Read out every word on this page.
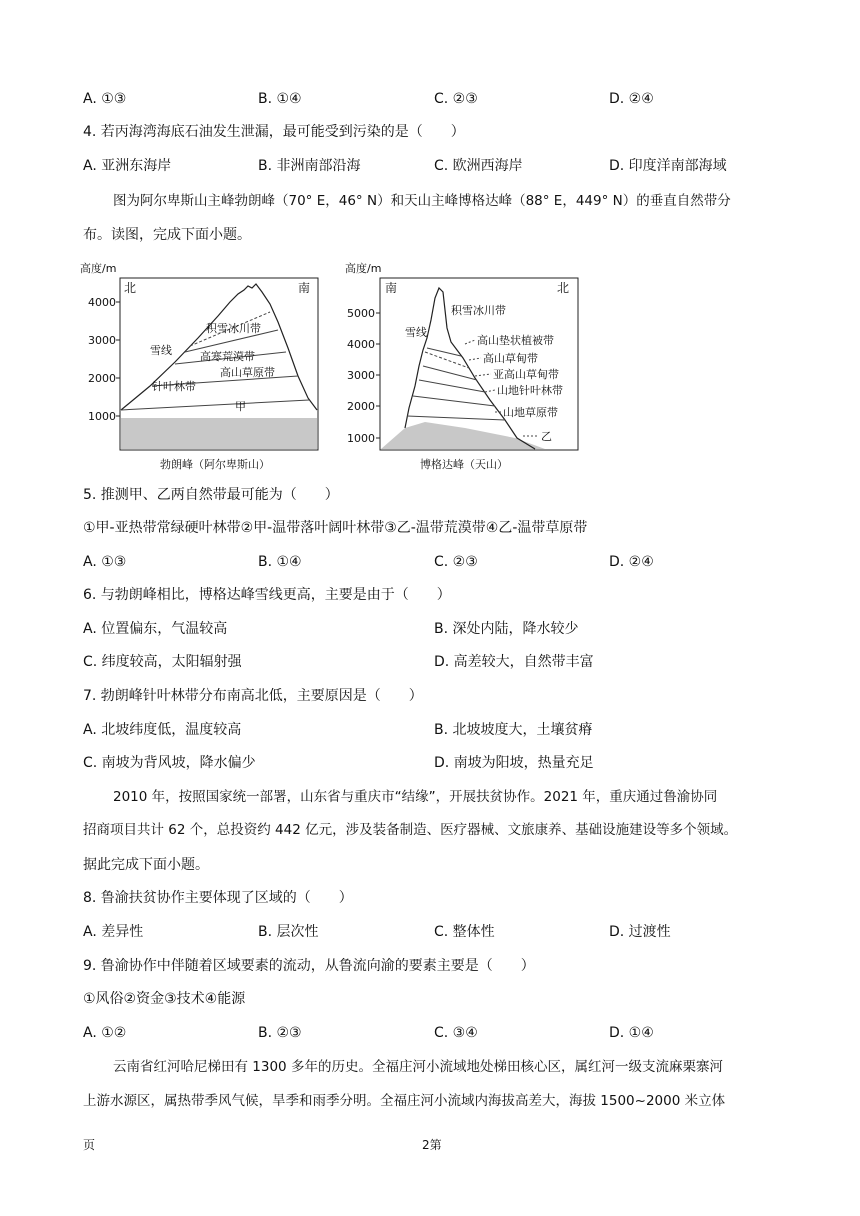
A. ①③	B. ①④	C. ②③	D. ②④
4. 若丙海湾海底石油发生泄漏，最可能受到污染的是（　　）
A. 亚洲东海岸	B. 非洲南部沿海	C. 欧洲西海岸	D. 印度洋南部海域
图为阿尔卑斯山主峰勃朗峰（70° E，46° N）和天山主峰博格达峰（88° E，449° N）的垂直自然带分
布。读图，完成下面小题。
高度/m
北	南
4000
3000
2000
1000
积雪冰川带
雪线	高寒荒漠带
高山草原带
针叶林带
甲
勃朗峰（阿尔卑斯山）
高度/m
南	北
5000
4000
3000
2000
1000
积雪冰川带
雪线
高山垫状植被带
高山草甸带
亚高山草甸带
山地针叶林带
山地草原带
乙
博格达峰（天山）
5. 推测甲、乙两自然带最可能为（　　）
①甲-亚热带常绿硬叶林带②甲-温带落叶阔叶林带③乙-温带荒漠带④乙-温带草原带
A. ①③	B. ①④	C. ②③	D. ②④
6. 与勃朗峰相比，博格达峰雪线更高，主要是由于（　　）
A. 位置偏东，气温较高	B. 深处内陆，降水较少
C. 纬度较高，太阳辐射强	D. 高差较大，自然带丰富
7. 勃朗峰针叶林带分布南高北低，主要原因是（　　）
A. 北坡纬度低，温度较高	B. 北坡坡度大，土壤贫瘠
C. 南坡为背风坡，降水偏少	D. 南坡为阳坡，热量充足
2010 年，按照国家统一部署，山东省与重庆市“结缘”，开展扶贫协作。2021 年，重庆通过鲁渝协同
招商项目共计 62 个，总投资约 442 亿元，涉及装备制造、医疗器械、文旅康养、基础设施建设等多个领域。
据此完成下面小题。
8. 鲁渝扶贫协作主要体现了区域的（　　）
A. 差异性	B. 层次性	C. 整体性	D. 过渡性
9. 鲁渝协作中伴随着区域要素的流动，从鲁流向渝的要素主要是（　　）
①风俗②资金③技术④能源
A. ①②	B. ②③	C. ③④	D. ①④
云南省红河哈尼梯田有 1300 多年的历史。全福庄河小流域地处梯田核心区，属红河一级支流麻栗寨河
上游水源区，属热带季风气候，旱季和雨季分明。全福庄河小流域内海拔高差大，海拔 1500~2000 米立体
页	2第
